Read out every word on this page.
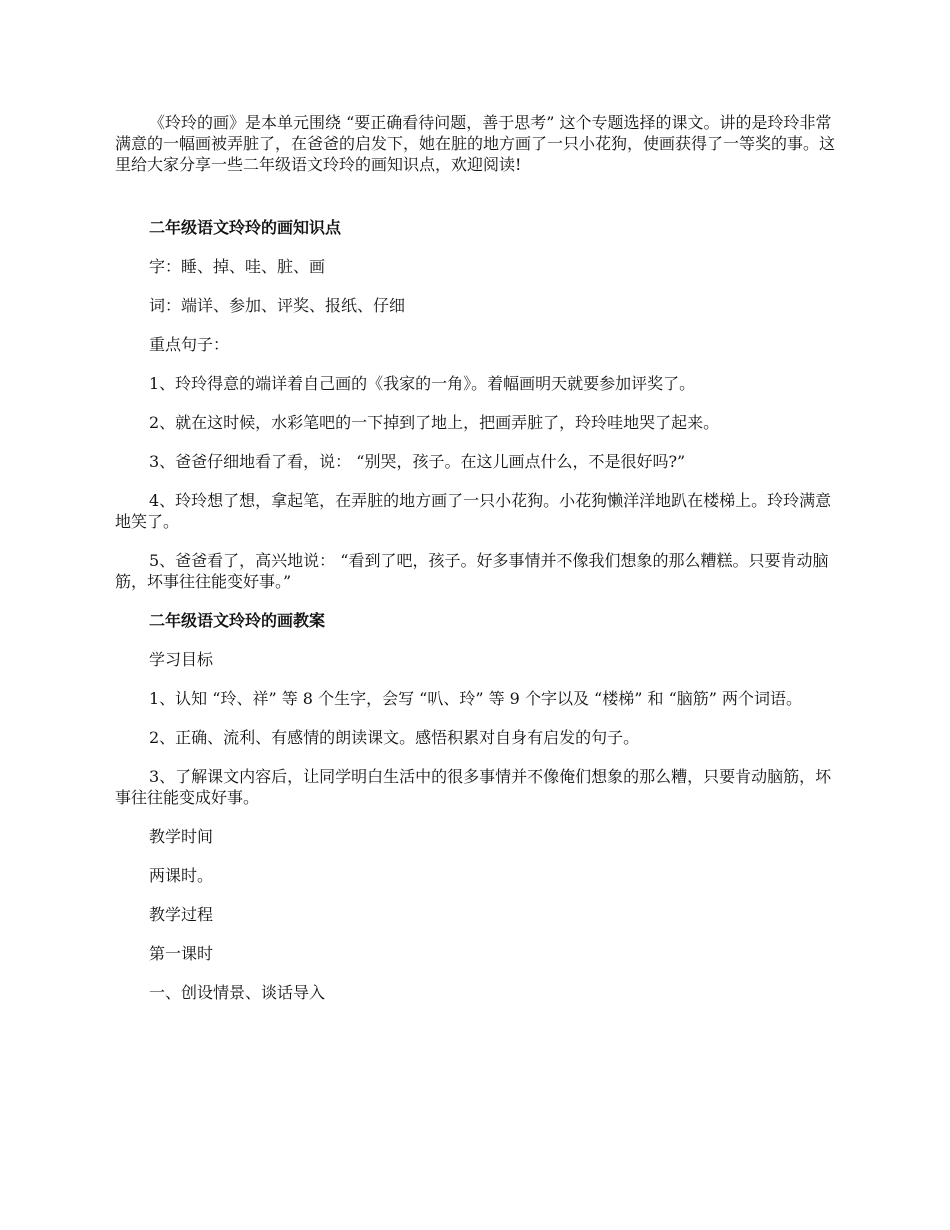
《玲玲的画》是本单元围绕 “要正确看待问题，善于思考” 这个专题选择的课文。讲的是玲玲非常满意的一幅画被弄脏了，在爸爸的启发下，她在脏的地方画了一只小花狗，使画获得了一等奖的事。这里给大家分享一些二年级语文玲玲的画知识点，欢迎阅读!

二年级语文玲玲的画知识点

字：睡、掉、哇、脏、画

词：端详、参加、评奖、报纸、仔细

重点句子：

1、玲玲得意的端详着自己画的《我家的一角》。着幅画明天就要参加评奖了。

2、就在这时候，水彩笔吧的一下掉到了地上，把画弄脏了，玲玲哇地哭了起来。

3、爸爸仔细地看了看，说： “别哭，孩子。在这儿画点什么，不是很好吗?”

4、玲玲想了想，拿起笔，在弄脏的地方画了一只小花狗。小花狗懒洋洋地趴在楼梯上。玲玲满意地笑了。

5、爸爸看了，高兴地说： “看到了吧，孩子。好多事情并不像我们想象的那么糟糕。只要肯动脑筋，坏事往往能变好事。”

二年级语文玲玲的画教案

学习目标

1、认知 “玲、祥” 等 8 个生字，会写 “叭、玲” 等 9 个字以及 “楼梯” 和 “脑筋” 两个词语。

2、正确、流利、有感情的朗读课文。感悟积累对自身有启发的句子。

3、了解课文内容后，让同学明白生活中的很多事情并不像俺们想象的那么糟，只要肯动脑筋，坏事往往能变成好事。

教学时间

两课时。

教学过程

第一课时

一、创设情景、谈话导入
